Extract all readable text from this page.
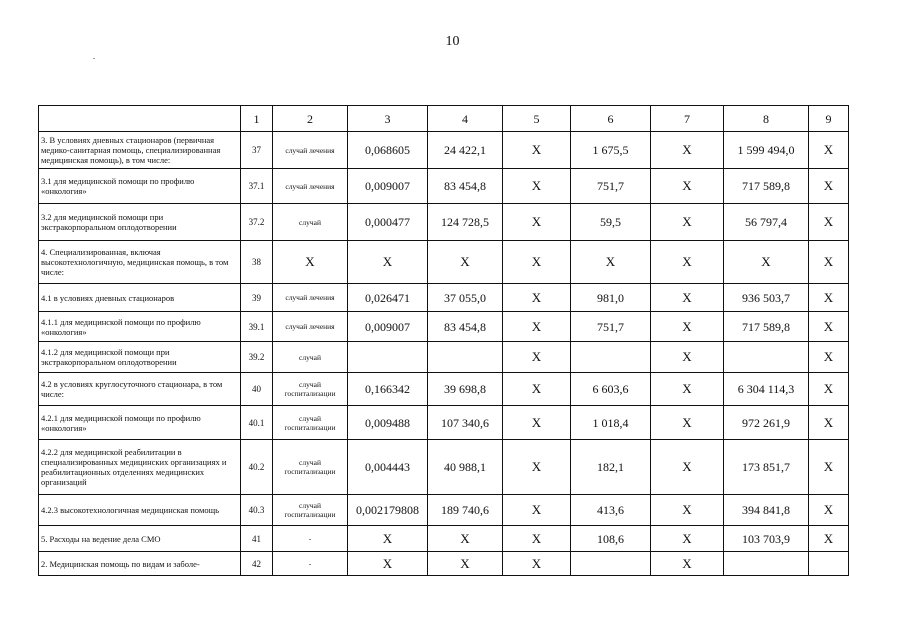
10
	1	2	3	4	5	6	7	8	9
3. В условиях дневных стационаров (первичная медико-санитарная помощь, специализированная медицинская помощь), в том числе:	37	случай лечения	0,068605	24 422,1	X	1 675,5	X	1 599 494,0	X
3.1 для медицинской помощи по профилю «онкология»	37.1	случай лечения	0,009007	83 454,8	X	751,7	X	717 589,8	X
3.2 для медицинской помощи при экстракорпоральном оплодотворении	37.2	случай	0,000477	124 728,5	X	59,5	X	56 797,4	X
4. Специализированная, включая высокотехнологичную, медицинская помощь, в том числе:	38	X	X	X	X	X	X	X	X
4.1 в условиях дневных стационаров	39	случай лечения	0,026471	37 055,0	X	981,0	X	936 503,7	X
4.1.1 для медицинской помощи по профилю «онкология»	39.1	случай лечения	0,009007	83 454,8	X	751,7	X	717 589,8	X
4.1.2 для медицинской помощи при экстракорпоральном оплодотворении	39.2	случай			X		X		X
4.2 в условиях круглосуточного стационара, в том числе:	40	случай госпитализации	0,166342	39 698,8	X	6 603,6	X	6 304 114,3	X
4.2.1 для медицинской помощи по профилю «онкология»	40.1	случай госпитализации	0,009488	107 340,6	X	1 018,4	X	972 261,9	X
4.2.2 для медицинской реабилитации в специализированных медицинских организациях и реабилитационных отделениях медицинских организаций	40.2	случай госпитализации	0,004443	40 988,1	X	182,1	X	173 851,7	X
4.2.3 высокотехнологичная медицинская помощь	40.3	случай госпитализации	0,002179808	189 740,6	X	413,6	X	394 841,8	X
5. Расходы на ведение дела СМО	41	-	X	X	X	108,6	X	103 703,9	X
2. Медицинская помощь по видам и заболе-	42	-	X	X	X		X		
